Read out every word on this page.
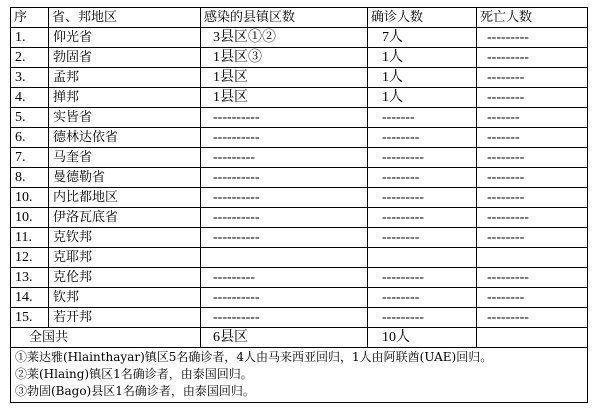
序	省、邦地区	感染的县镇区数	确诊人数	死亡人数
1.	仰光省	3县区①②	7人	---------
2.	勃固省	1县区③	1人	---------
3.	孟邦	1县区	1人	--------
4.	掸邦	1县区	1人	--------
5.	实皆省	----------	-------	-------
6.	德林达依省	----------	--------	-------
7.	马奎省	---------	---------	--------
8.	曼德勒省	----------	--------	--------
10.	内比都地区	----------	---------	--------
10.	伊洛瓦底省	----------	---------	---------
11.	克钦邦	----------	--------	--------
12.	克耶邦			
13.	克伦邦	---------	---------	---------
14.	钦邦	----------	--------	--------
15.	若开邦	----------	---------	---------
全国共		6县区	10人	

①莱达雅(Hlainthayar)镇区5名确诊者，4人由马来西亚回归，1人由阿联酋(UAE)回归。
②莱(Hlaing)镇区1名确诊者，由泰国回归。
③勃固(Bago)县区1名确诊者，由泰国回归。				
